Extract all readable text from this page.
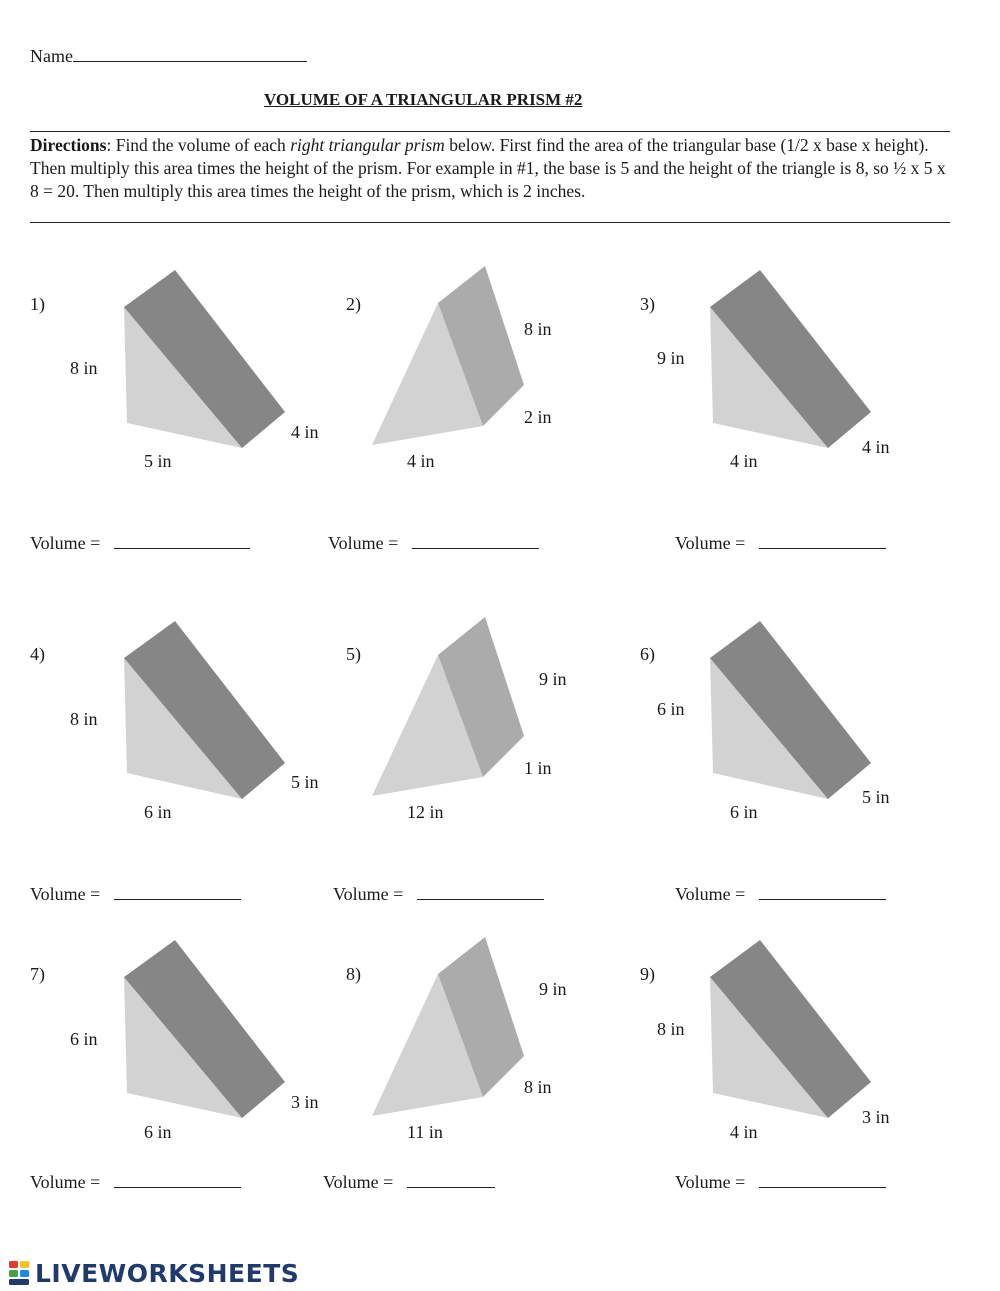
Name
VOLUME OF A TRIANGULAR PRISM #2
Directions: Find the volume of each right triangular prism below. First find the area of the triangular base (1/2 x base x height). Then multiply this area times the height of the prism. For example in #1, the base is 5 and the height of the triangle is 8, so ½ x 5 x 8 = 20. Then multiply this area times the height of the prism, which is 2 inches.
1)
8 in
5 in
4 in
2)
8 in
4 in
2 in
3)
9 in
4 in
4 in
Volume =	Volume =	Volume =
4)
8 in
6 in
5 in
5)
9 in
12 in
1 in
6)
6 in
6 in
5 in
Volume =	Volume =	Volume =
7)
6 in
6 in
3 in
8)
9 in
11 in
8 in
9)
8 in
4 in
3 in
Volume =	Volume =	Volume =
LIVEWORKSHEETS
